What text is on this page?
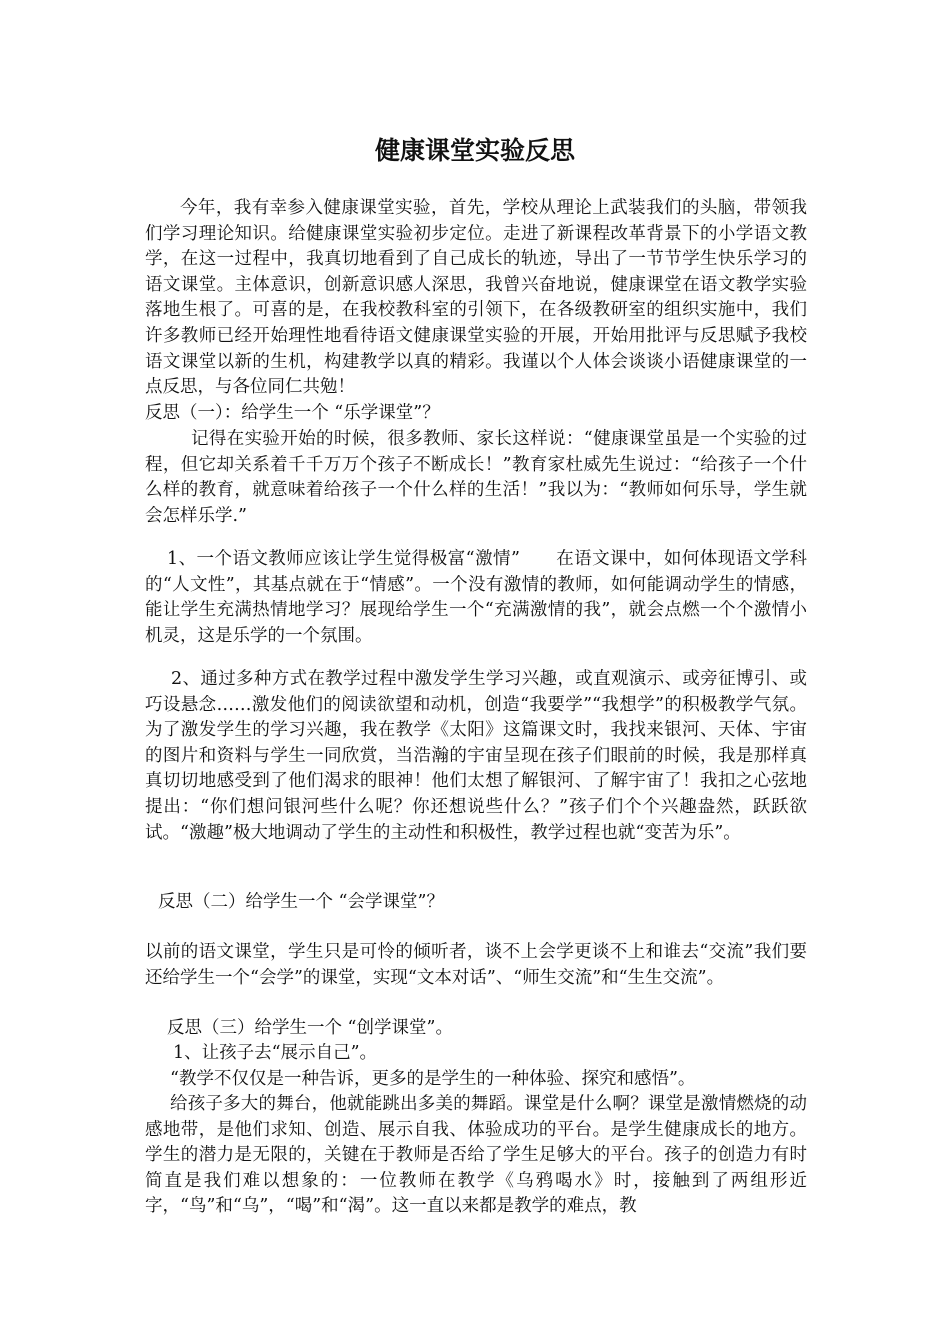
健康课堂实验反思
今年，我有幸参入健康课堂实验，首先，学校从理论上武装我们的头脑，带领我们学习理论知识。给健康课堂实验初步定位。走进了新课程改革背景下的小学语文教学，在这一过程中，我真切地看到了自己成长的轨迹，导出了一节节学生快乐学习的语文课堂。主体意识，创新意识感人深思，我曾兴奋地说，健康课堂在语文教学实验落地生根了。可喜的是，在我校教科室的引领下，在各级教研室的组织实施中，我们许多教师已经开始理性地看待语文健康课堂实验的开展，开始用批评与反思赋予我校语文课堂以新的生机，构建教学以真的精彩。我谨以个人体会谈谈小语健康课堂的一点反思，与各位同仁共勉！
反思（一）：给学生一个 “乐学课堂”？
记得在实验开始的时候，很多教师、家长这样说：“健康课堂虽是一个实验的过程，但它却关系着千千万万个孩子不断成长！”教育家杜威先生说过：“给孩子一个什么样的教育，就意味着给孩子一个什么样的生活！”我以为：“教师如何乐导，学生就会怎样乐学.”
1、一个语文教师应该让学生觉得极富“激情”　　在语文课中，如何体现语文学科的“人文性”，其基点就在于“情感”。一个没有激情的教师，如何能调动学生的情感，能让学生充满热情地学习？展现给学生一个“充满激情的我”，就会点燃一个个激情小机灵，这是乐学的一个氛围。
2、通过多种方式在教学过程中激发学生学习兴趣，或直观演示、或旁征博引、或巧设悬念……激发他们的阅读欲望和动机，创造“我要学”“我想学”的积极教学气氛。为了激发学生的学习兴趣，我在教学《太阳》这篇课文时，我找来银河、天体、宇宙的图片和资料与学生一同欣赏，当浩瀚的宇宙呈现在孩子们眼前的时候，我是那样真真切切地感受到了他们渴求的眼神！他们太想了解银河、了解宇宙了！我扣之心弦地提出：“你们想问银河些什么呢？你还想说些什么？”孩子们个个兴趣盎然，跃跃欲试。“激趣”极大地调动了学生的主动性和积极性，教学过程也就“变苦为乐”。
反思（二）给学生一个 “会学课堂”？
以前的语文课堂，学生只是可怜的倾听者，谈不上会学更谈不上和谁去“交流”我们要还给学生一个“会学”的课堂，实现“文本对话”、“师生交流”和“生生交流”。
反思（三）给学生一个 “创学课堂”。
1、让孩子去“展示自己”。
“教学不仅仅是一种告诉，更多的是学生的一种体验、探究和感悟”。
给孩子多大的舞台，他就能跳出多美的舞蹈。课堂是什么啊？课堂是激情燃烧的动感地带，是他们求知、创造、展示自我、体验成功的平台。是学生健康成长的地方。学生的潜力是无限的，关键在于教师是否给了学生足够大的平台。孩子的创造力有时简直是我们难以想象的：一位教师在教学《乌鸦喝水》时，接触到了两组形近字，“鸟”和“乌”，“喝”和“渴”。这一直以来都是教学的难点，教
